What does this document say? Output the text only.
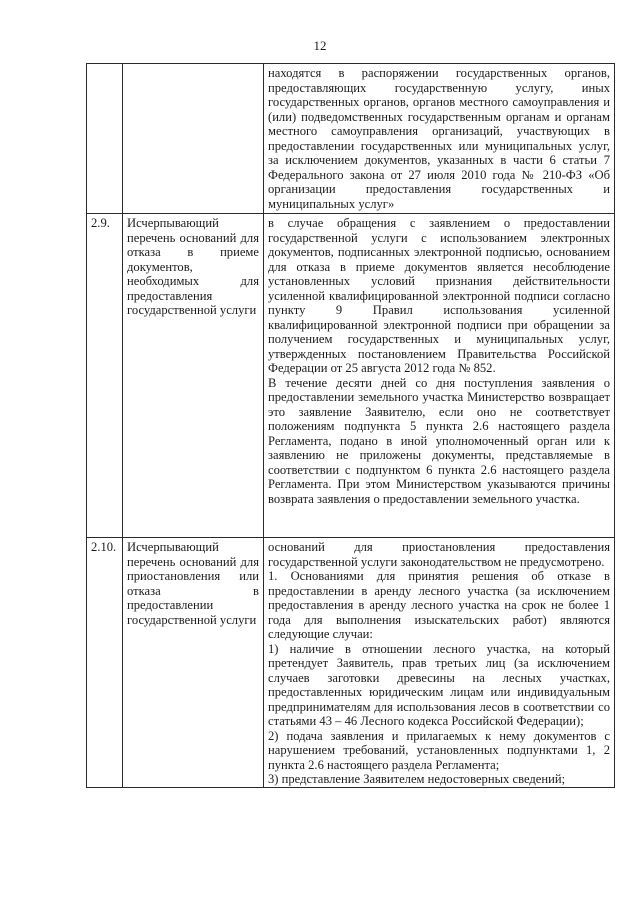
12

		находятся в распоряжении государственных органов, предоставляющих государственную услугу, иных государственных органов, органов местного самоуправления и (или) подведомственных государственным органам и органам местного самоуправления организаций, участвующих в предоставлении государственных или муниципальных услуг, за исключением документов, указанных в части 6 статьи 7 Федерального закона от 27 июля 2010 года № 210-ФЗ «Об организации предоставления государственных и муниципальных услуг»

2.9.	Исчерпывающий перечень оснований для отказа в приеме документов, необходимых для предоставления государственной услуги	в случае обращения с заявлением о предоставлении государственной услуги с использованием электронных документов, подписанных электронной подписью, основанием для отказа в приеме документов является несоблюдение установленных условий признания действительности усиленной квалифицированной электронной подписи согласно пункту 9 Правил использования усиленной квалифицированной электронной подписи при обращении за получением государственных и муниципальных услуг, утвержденных постановлением Правительства Российской Федерации от 25 августа 2012 года № 852.
В течение десяти дней со дня поступления заявления о предоставлении земельного участка Министерство возвращает это заявление Заявителю, если оно не соответствует положениям подпункта 5 пункта 2.6 настоящего раздела Регламента, подано в иной уполномоченный орган или к заявлению не приложены документы, представляемые в соответствии с подпунктом 6 пункта 2.6 настоящего раздела Регламента. При этом Министерством указываются причины возврата заявления о предоставлении земельного участка.

2.10.	Исчерпывающий перечень оснований для приостановления или отказа в предоставлении государственной услуги	оснований для приостановления предоставления государственной услуги законодательством не предусмотрено.
1. Основаниями для принятия решения об отказе в предоставлении в аренду лесного участка (за исключением предоставления в аренду лесного участка на срок не более 1 года для выполнения изыскательских работ) являются следующие случаи:
1) наличие в отношении лесного участка, на который претендует Заявитель, прав третьих лиц (за исключением случаев заготовки древесины на лесных участках, предоставленных юридическим лицам или индивидуальным предпринимателям для использования лесов в соответствии со статьями 43 – 46 Лесного кодекса Российской Федерации);
2) подача заявления и прилагаемых к нему документов с нарушением требований, установленных подпунктами 1, 2 пункта 2.6 настоящего раздела Регламента;
3) представление Заявителем недостоверных сведений;
